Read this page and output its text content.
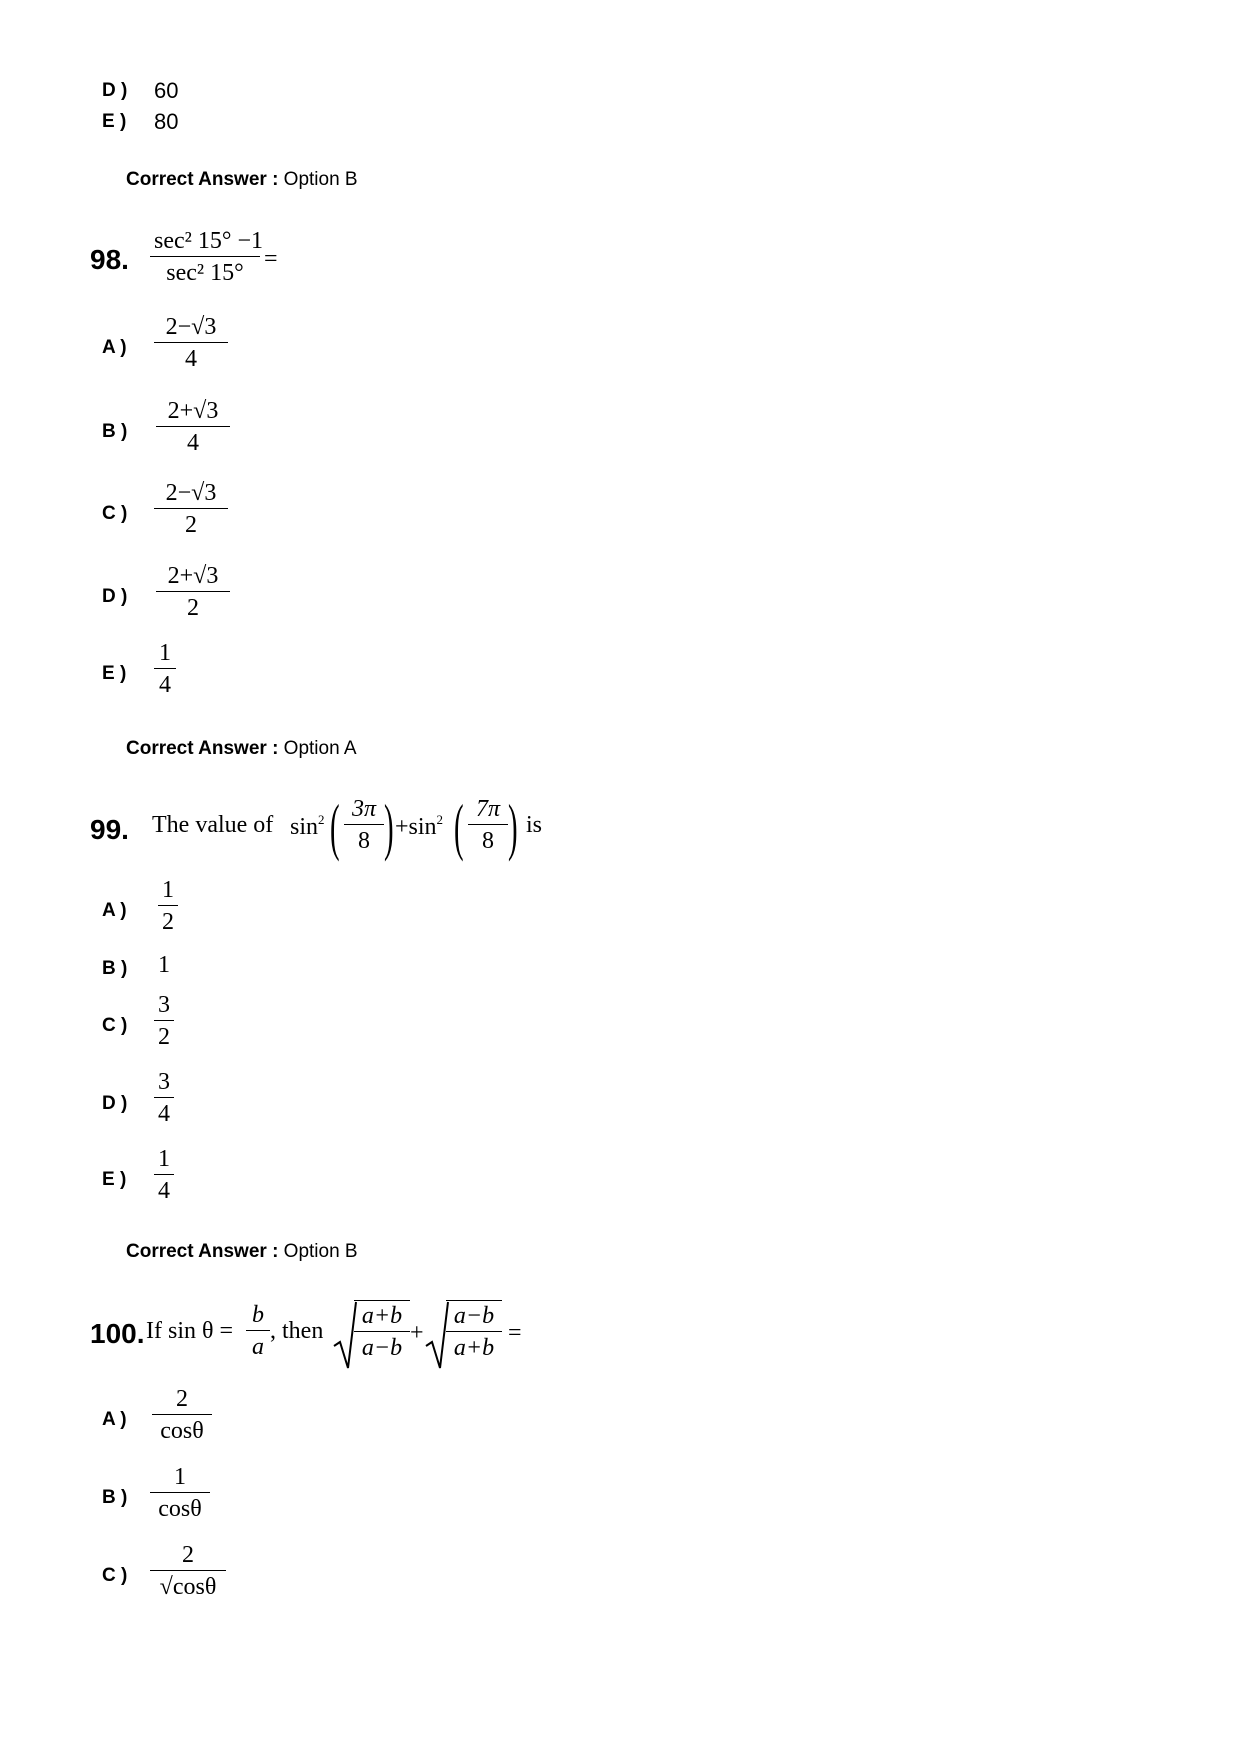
D ) 60
E ) 80
Correct Answer : Option B
98.
sec² 15° −1
sec² 15°
=
A )
2−√3
4
B )
2+√3
4
C )
2−√3
2
D )
2+√3
2
E )
1
4
Correct Answer : Option A
99. The value of $\sin^2$ ( 3π
8 ) $+\sin^2$ ( 7π
8 ) is
A )
1
2
B ) 1
C )
3
2
D )
3
4
E )
1
4
Correct Answer : Option B
100. If sin θ =
b
a
, then
a+b
a−b
+
a−b
a+b
=
A )
2
cosθ
B )
1
cosθ
C )
2
√cosθ
